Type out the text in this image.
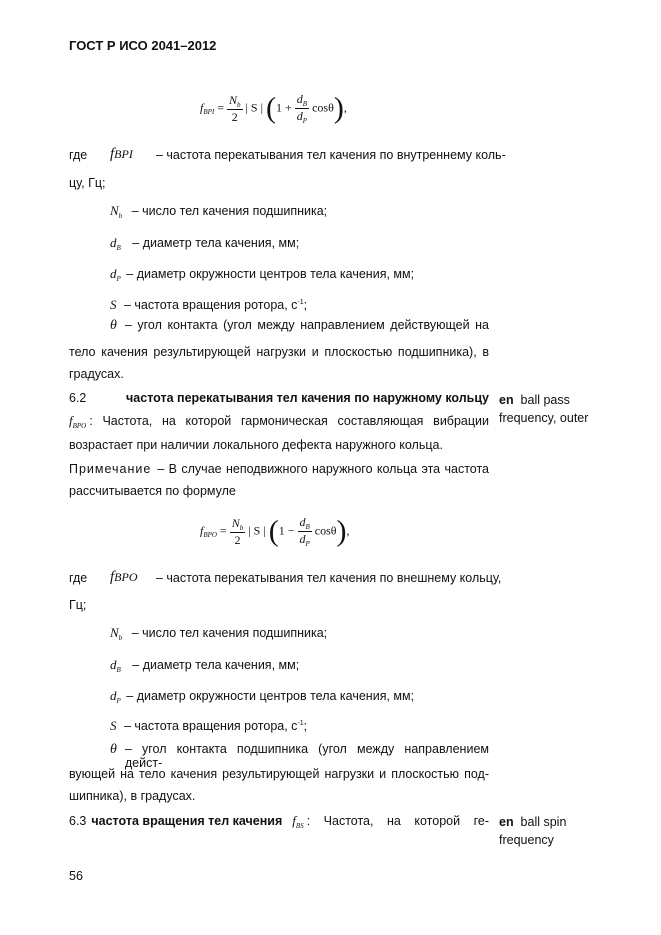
ГОСТ Р ИСО 2041–2012
$f_{BPI} = \frac{N_b}{2}$ | S | $(1 + \frac{d_B}{d_P} \cos\theta)$,
где fBPI – частота перекатывания тел качения по внутреннему коль-
цу, Гц;
$N_b$ – число тел качения подшипника;
$d_B$ – диаметр тела качения, мм;
$d_P$ – диаметр окружности центров тела качения, мм;
S – частота вращения ротора, $с^{-1}$;
θ – угол контакта (угол между направлением действующей на
тело качения результирующей нагрузки и плоскостью подшипника), в
градусах.
6.2	частота перекатывания тел качения по наружному кольцу
f BPO : Частота, на которой гармоническая составляющая вибрации
возрастает при наличии локального дефекта наружного кольца.
Примечание – В случае неподвижного наружного кольца эта частота
рассчитывается по формуле
en ball pass
frequency, outer
$f_{BPO} = \frac{N_b}{2}$ | S | $(1 - \frac{d_B}{d_P} \cos\theta)$,
где fBPO – частота перекатывания тел качения по внешнему кольцу,
Гц;
$N_b$ – число тел качения подшипника;
$d_B$ – диаметр тела качения, мм;
$d_P$ – диаметр окружности центров тела качения, мм;
S – частота вращения ротора, $с^{-1}$;
θ – угол контакта подшипника (угол между направлением дейст-
вующей на тело качения результирующей нагрузки и плоскостью под-
шипника), в градусах.
6.3 частота вращения тел качения f BS : Частота, на которой ге- en ball spin
frequency
56
